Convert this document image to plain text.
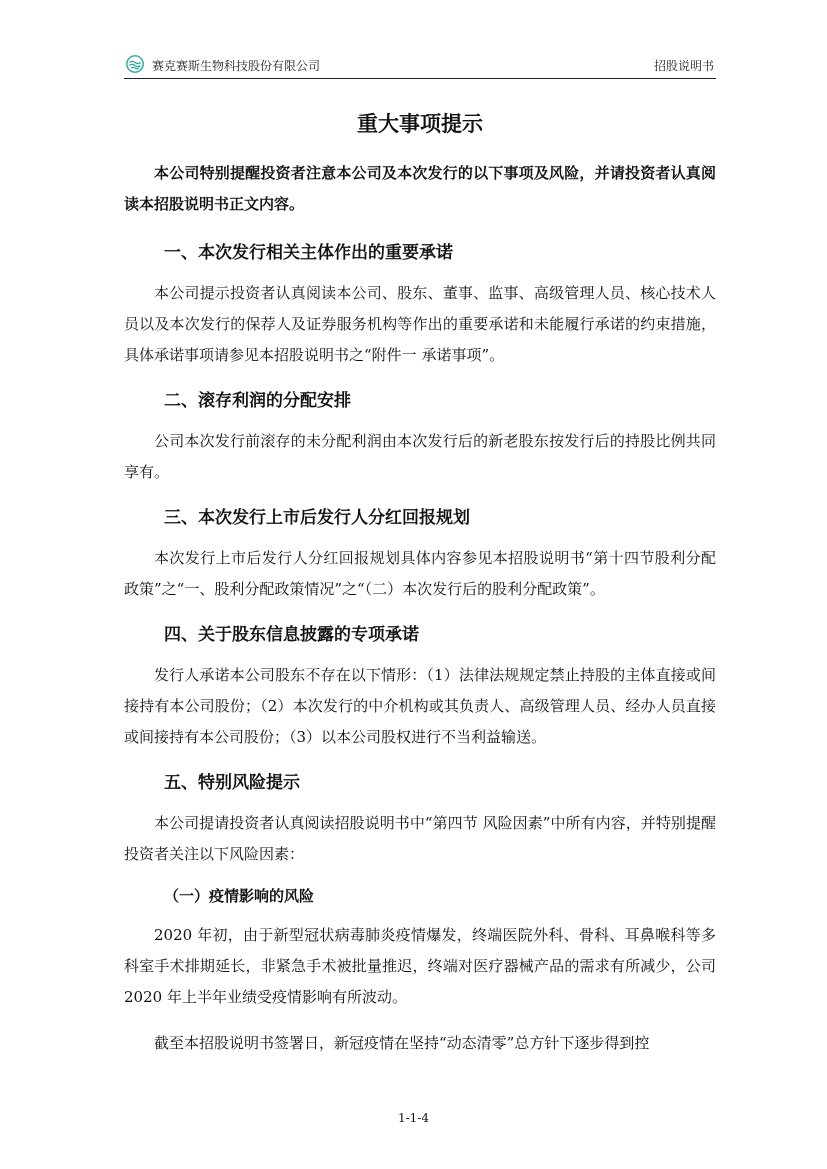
赛克赛斯生物科技股份有限公司	招股说明书
重大事项提示

本公司特别提醒投资者注意本公司及本次发行的以下事项及风险，并请投资者认真阅读本招股说明书正文内容。

一、本次发行相关主体作出的重要承诺

本公司提示投资者认真阅读本公司、股东、董事、监事、高级管理人员、核心技术人员以及本次发行的保荐人及证券服务机构等作出的重要承诺和未能履行承诺的约束措施，具体承诺事项请参见本招股说明书之“附件一 承诺事项”。

二、滚存利润的分配安排

公司本次发行前滚存的未分配利润由本次发行后的新老股东按发行后的持股比例共同享有。

三、本次发行上市后发行人分红回报规划

本次发行上市后发行人分红回报规划具体内容参见本招股说明书“第十四节股利分配政策”之“一、股利分配政策情况”之“（二）本次发行后的股利分配政策”。

四、关于股东信息披露的专项承诺

发行人承诺本公司股东不存在以下情形：（1）法律法规规定禁止持股的主体直接或间接持有本公司股份；（2）本次发行的中介机构或其负责人、高级管理人员、经办人员直接或间接持有本公司股份；（3）以本公司股权进行不当利益输送。

五、特别风险提示

本公司提请投资者认真阅读招股说明书中“第四节 风险因素”中所有内容，并特别提醒投资者关注以下风险因素：

（一）疫情影响的风险

2020 年初，由于新型冠状病毒肺炎疫情爆发，终端医院外科、骨科、耳鼻喉科等多科室手术排期延长，非紧急手术被批量推迟，终端对医疗器械产品的需求有所减少，公司 2020 年上半年业绩受疫情影响有所波动。

截至本招股说明书签署日，新冠疫情在坚持“动态清零”总方针下逐步得到控

1-1-4
